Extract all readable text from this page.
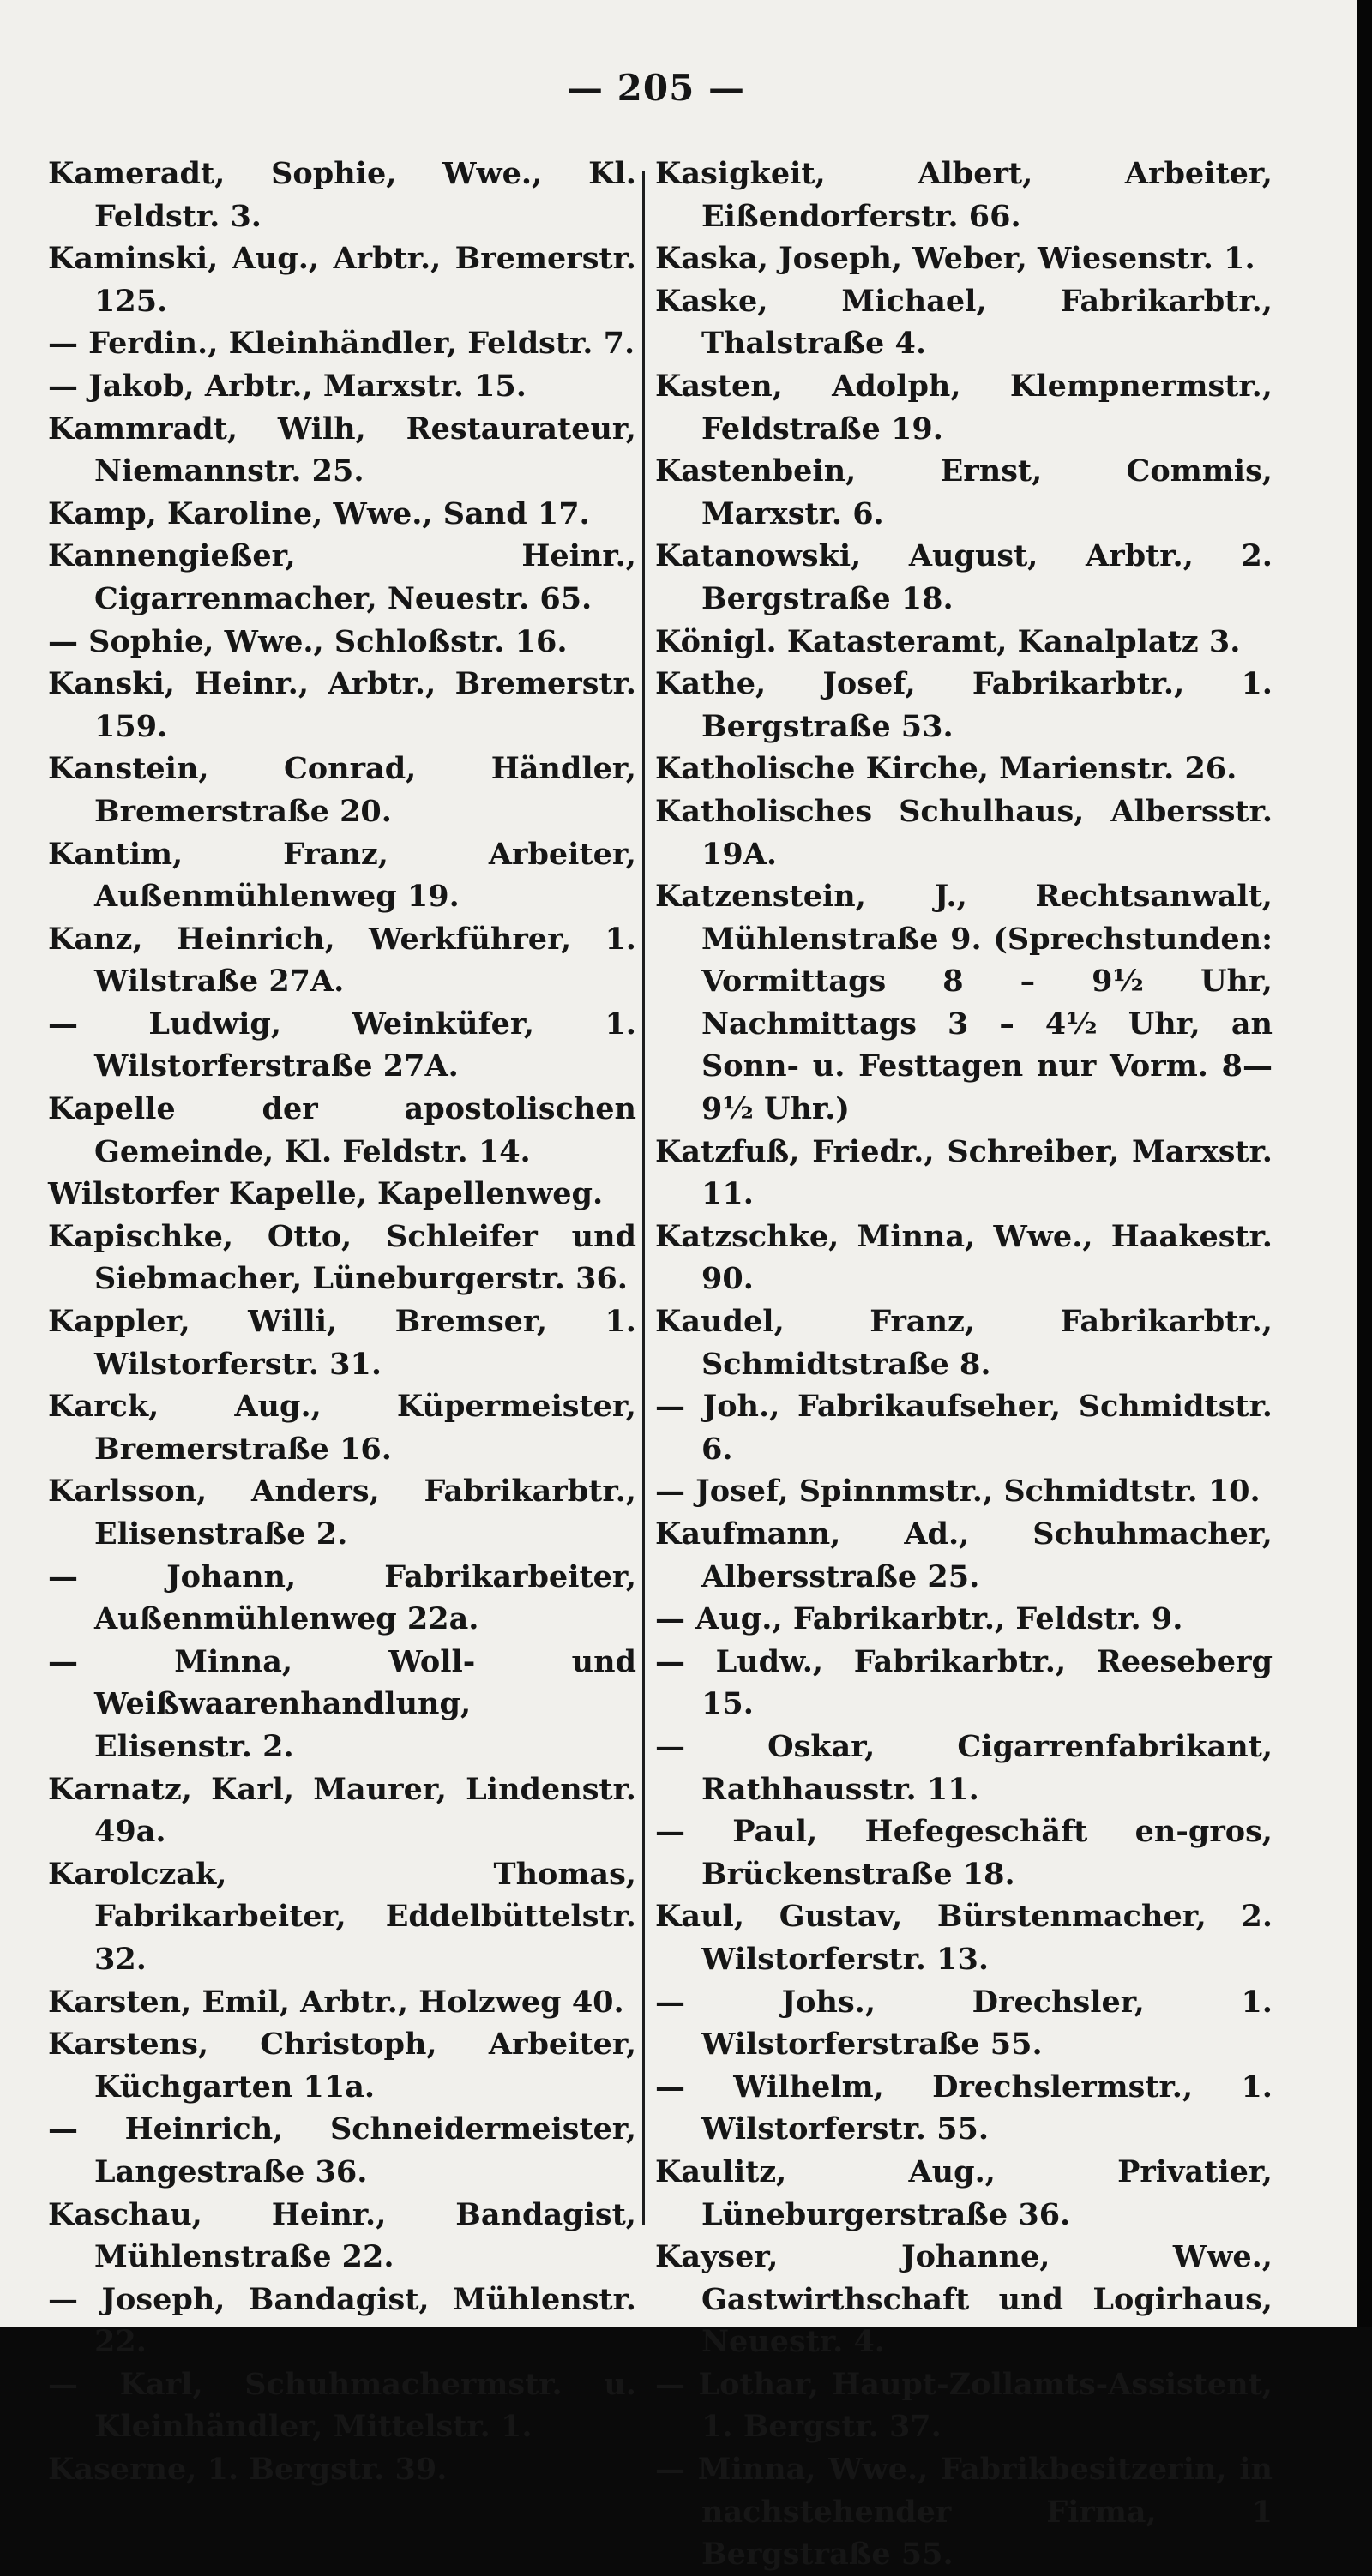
— 205 —
Kameradt, Sophie, Wwe., Kl. Feldstr. 3.
Kaminski, Aug., Arbtr., Bremerstr. 125.
— Ferdin., Kleinhändler, Feldstr. 7.
— Jakob, Arbtr., Marxstr. 15.
Kammradt, Wilh, Restaurateur, Niemannstr. 25.
Kamp, Karoline, Wwe., Sand 17.
Kannengießer, Heinr., Cigarrenmacher, Neuestr. 65.
— Sophie, Wwe., Schloßstr. 16.
Kanski, Heinr., Arbtr., Bremerstr. 159.
Kanstein, Conrad, Händler, Bremerstraße 20.
Kantim, Franz, Arbeiter, Außenmühlenweg 19.
Kanz, Heinrich, Werkführer, 1. Wilstraße 27A.
— Ludwig, Weinküfer, 1. Wilstorferstraße 27A.
Kapelle der apostolischen Gemeinde, Kl. Feldstr. 14.
Wilstorfer Kapelle, Kapellenweg.
Kapischke, Otto, Schleifer und Siebmacher, Lüneburgerstr. 36.
Kappler, Willi, Bremser, 1. Wilstorferstr. 31.
Karck, Aug., Küpermeister, Bremerstraße 16.
Karlsson, Anders, Fabrikarbtr., Elisenstraße 2.
— Johann, Fabrikarbeiter, Außenmühlenweg 22a.
— Minna, Woll- und Weißwaarenhandlung, Elisenstr. 2.
Karnatz, Karl, Maurer, Lindenstr. 49a.
Karolczak, Thomas, Fabrikarbeiter, Eddelbüttelstr. 32.
Karsten, Emil, Arbtr., Holzweg 40.
Karstens, Christoph, Arbeiter, Küchgarten 11a.
— Heinrich, Schneidermeister, Langestraße 36.
Kaschau, Heinr., Bandagist, Mühlenstraße 22.
— Joseph, Bandagist, Mühlenstr. 22.
— Karl, Schuhmachermstr. u. Kleinhändler, Mittelstr. 1.
Kaserne, 1. Bergstr. 39.
Kasigkeit, Albert, Arbeiter, Eißendorferstr. 66.
Kaska, Joseph, Weber, Wiesenstr. 1.
Kaske, Michael, Fabrikarbtr., Thalstraße 4.
Kasten, Adolph, Klempnermstr., Feldstraße 19.
Kastenbein, Ernst, Commis, Marxstr. 6.
Katanowski, August, Arbtr., 2. Bergstraße 18.
Königl. Katasteramt, Kanalplatz 3.
Kathe, Josef, Fabrikarbtr., 1. Bergstraße 53.
Katholische Kirche, Marienstr. 26.
Katholisches Schulhaus, Albersstr. 19A.
Katzenstein, J., Rechtsanwalt, Mühlenstraße 9. (Sprechstunden: Vormittags 8 – 9½ Uhr, Nachmittags 3 – 4½ Uhr, an Sonn- u. Festtagen nur Vorm. 8—9½ Uhr.)
Katzfuß, Friedr., Schreiber, Marxstr. 11.
Katzschke, Minna, Wwe., Haakestr. 90.
Kaudel, Franz, Fabrikarbtr., Schmidtstraße 8.
— Joh., Fabrikaufseher, Schmidtstr. 6.
— Josef, Spinnmstr., Schmidtstr. 10.
Kaufmann, Ad., Schuhmacher, Albersstraße 25.
— Aug., Fabrikarbtr., Feldstr. 9.
— Ludw., Fabrikarbtr., Reeseberg 15.
— Oskar, Cigarrenfabrikant, Rathhausstr. 11.
— Paul, Hefegeschäft en-gros, Brückenstraße 18.
Kaul, Gustav, Bürstenmacher, 2. Wilstorferstr. 13.
— Johs., Drechsler, 1. Wilstorferstraße 55.
— Wilhelm, Drechslermstr., 1. Wilstorferstr. 55.
Kaulitz, Aug., Privatier, Lüneburgerstraße 36.
Kayser, Johanne, Wwe., Gastwirthschaft und Logirhaus, Neuestr. 4.
— Lothar, Haupt-Zollamts-Assistent, 1. Bergstr. 37.
— Minna, Wwe., Fabrikbesitzerin, in nachstehender Firma, 1 Bergstraße 55.
